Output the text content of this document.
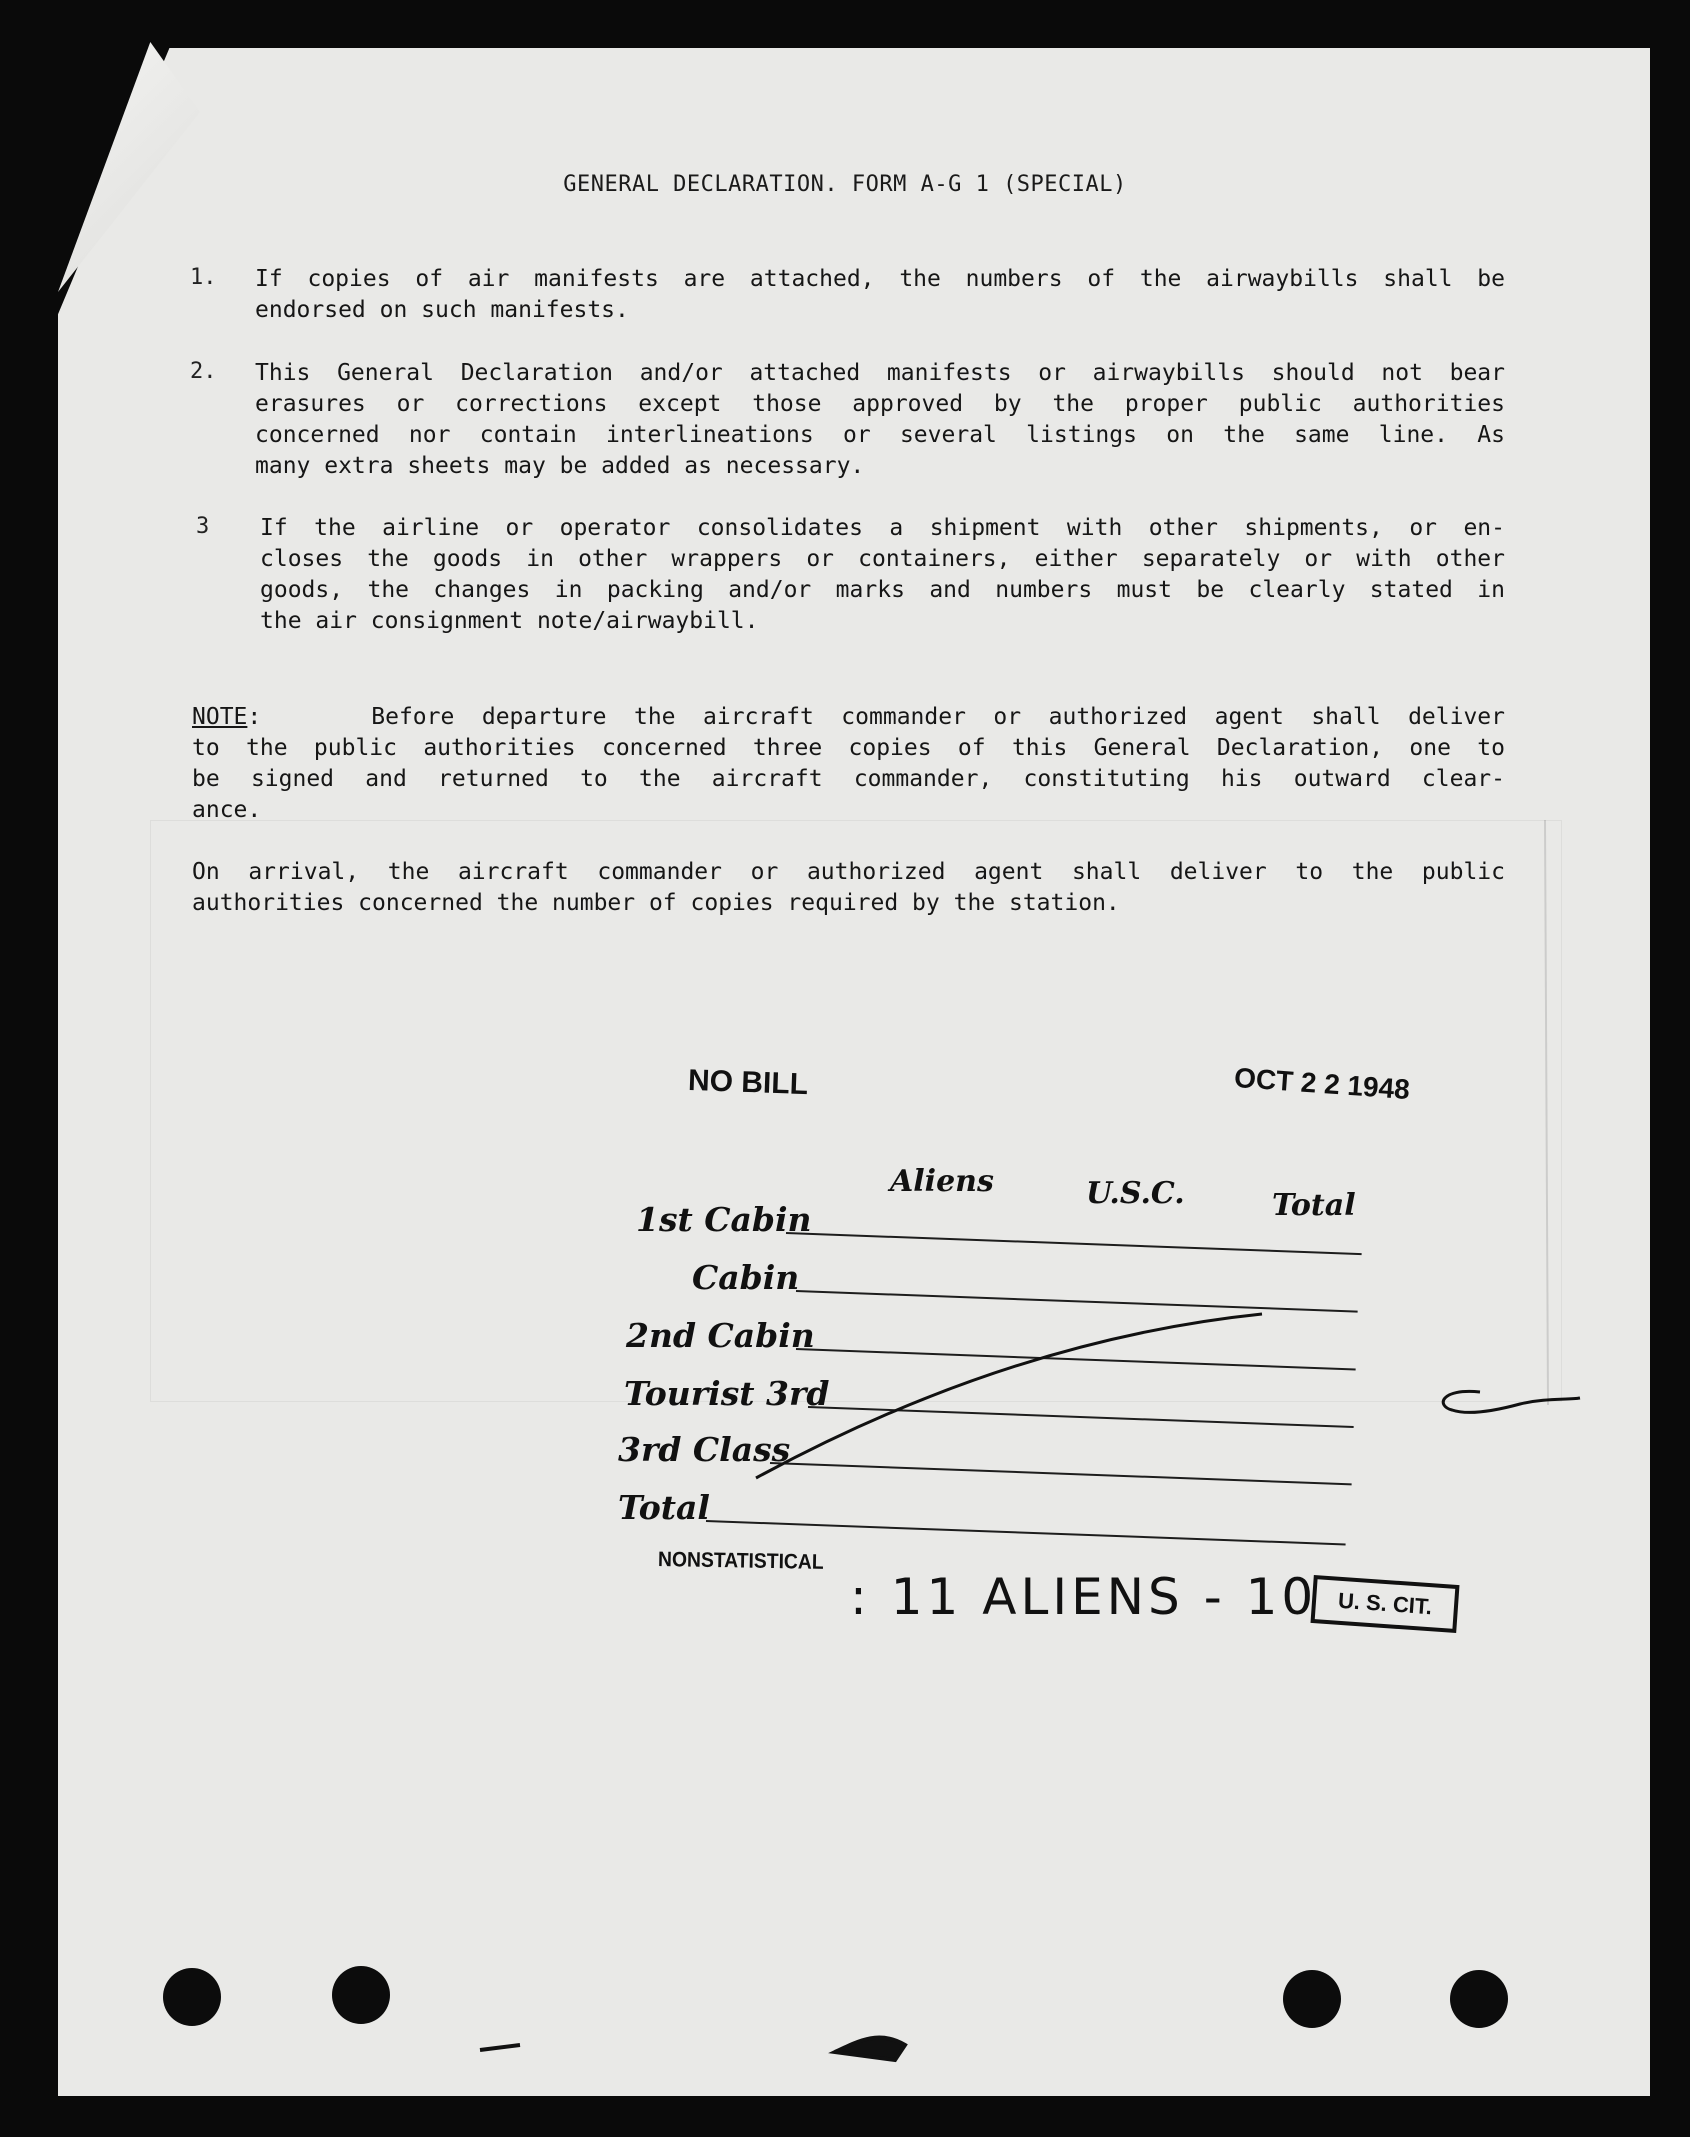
GENERAL DECLARATION. FORM A-G 1 (SPECIAL)
1. If copies of air manifests are attached, the numbers of the airwaybills shall be
endorsed on such manifests.
2. This General Declaration and/or attached manifests or airwaybills should not bear
erasures or corrections except those approved by the proper public authorities
concerned nor contain interlineations or several listings on the same line. As
many extra sheets may be added as necessary.
3 If the airline or operator consolidates a shipment with other shipments, or en-
closes the goods in other wrappers or containers, either separately or with other
goods, the changes in packing and/or marks and numbers must be clearly stated in
the air consignment note/airwaybill.
NOTE:	Before departure the aircraft commander or authorized agent shall deliver
to the public authorities concerned three copies of this General Declaration, one to
be signed and returned to the aircraft commander, constituting his outward clear-
ance.
On arrival, the aircraft commander or authorized agent shall deliver to the public
authorities concerned the number of copies required by the station.
NO BILL	OCT 2 2 1948
Aliens	U.S.C.	Total
1st Cabin
Cabin
2nd Cabin
Tourist 3rd
3rd Class
Total
NONSTATISTICAL
: 11 ALIENS - 10 U. S. CIT.
